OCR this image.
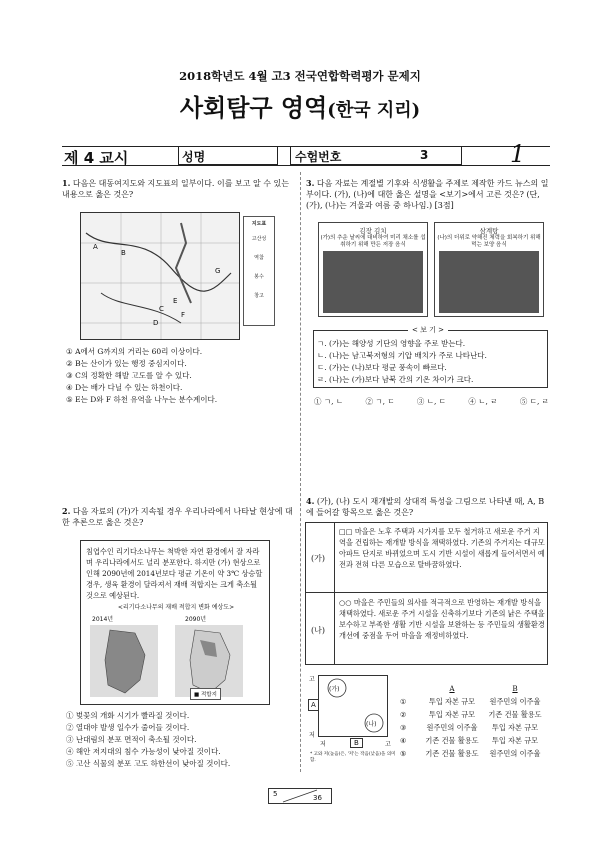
2018학년도 4월 고3 전국연합학력평가 문제지
사회탐구 영역(한국 지리)
제 4 교시	성명	수험번호	3	1
1. 다음은 대동여지도와 지도표의 일부이다. 이를 보고 알 수 있는 내용으로 옳은 것은?
A
B
C
D
E
F
G
지도표
고산성
역참
봉수
창고
① A에서 G까지의 거리는 60리 이상이다.
② B는 산이가 있는 행정 중심지이다.
③ C의 정확한 해발 고도를 알 수 있다.
④ D는 배가 다닐 수 있는 하천이다.
⑤ E는 D와 F 하천 유역을 나누는 분수계이다.
3. 다음 자료는 계절별 기후와 식생활을 주제로 제작한 카드 뉴스의 일부이다. (가), (나)에 대한 옳은 설명을 <보기>에서 고른 것은? (단, (가), (나)는 겨울과 여름 중 하나임.) [3점]
김장 김치
(가)의 추운 날씨에 대비하여 미리 채소를 섭취하기 위해 만든 저장 음식
삼계탕
(나)의 더위로 약해진 체력을 회복하기 위해 먹는 보양 음식
< 보 기 >
ㄱ. (가)는 해양성 기단의 영향을 주로 받는다.
ㄴ. (나)는 남고북저형의 기압 배치가 주로 나타난다.
ㄷ. (가)는 (나)보다 평균 풍속이 빠르다.
ㄹ. (나)는 (가)보다 남북 간의 기온 차이가 크다.
① ㄱ, ㄴ	② ㄱ, ㄷ	③ ㄴ, ㄷ	④ ㄴ, ㄹ	⑤ ㄷ, ㄹ
2. 다음 자료의 (가)가 지속될 경우 우리나라에서 나타날 현상에 대한 추론으로 옳은 것은?
침엽수인 리기다소나무는 척박한 자연 환경에서 잘 자라며 우리나라에서도 널리 분포한다. 하지만 (가) 현상으로 인해 2090년에 2014년보다 평균 기온이 약 3℃ 상승할 경우, 생육 환경이 달라져서 재배 적합지는 크게 축소될 것으로 예상된다.
<리기다소나무의 재배 적합지 변화 예상도>
2014년	2090년
■ 적합지
① 벚꽃의 개화 시기가 빨라질 것이다.
② 열대야 발생 일수가 줄어들 것이다.
③ 난대림의 분포 면적이 축소될 것이다.
④ 해안 저지대의 침수 가능성이 낮아질 것이다.
⑤ 고산 식물의 분포 고도 하한선이 낮아질 것이다.
4. (가), (나) 도시 재개발의 상대적 특성을 그림으로 나타낸 때, A, B에 들어갈 항목으로 옳은 것은?
(가)
□□ 마을은 노후 주택과 시가지를 모두 철거하고 새로운 주거 지역을 건립하는 재개발 방식을 채택하였다. 기존의 주거지는 대규모 아파트 단지로 바뀌었으며 도시 기반 시설이 새롭게 들어서면서 예전과 전혀 다른 모습으로 탈바꿈하였다.
(나)
○○ 마을은 주민들의 의사를 적극적으로 반영하는 재개발 방식을 채택하였다. 새로운 주거 시설을 신축하기보다 기존의 낡은 주택을 보수하고 부족한 생활 기반 시설을 보완하는 등 주민들의 생활환경 개선에 중점을 두어 마을을 재정비하였다.
(가)
(나)
고
저
A
저	B	고
* 고와 저(높음)은, '저'는 작음(낮음)을 의미함.
A	B
①	투입 자본 규모	원주민의 이주율
②	투입 자본 규모	기존 건물 활용도
③	원주민의 이주율	투입 자본 규모
④	기존 건물 활용도	투입 자본 규모
⑤	기존 건물 활용도	원주민의 이주율
5	36
